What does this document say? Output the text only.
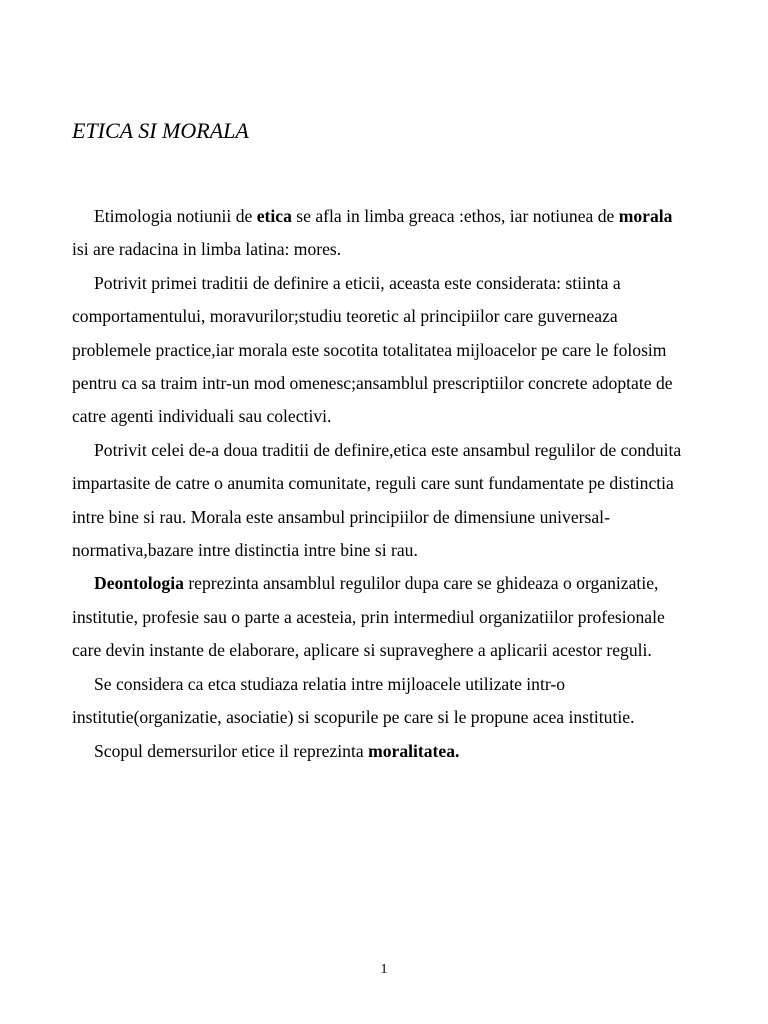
ETICA SI MORALA

Etimologia notiunii de etica se afla in limba greaca :ethos, iar notiunea de morala isi are radacina in limba latina: mores.

Potrivit primei traditii de definire a eticii, aceasta este considerata: stiinta a comportamentului, moravurilor;studiu teoretic al principiilor care guverneaza problemele practice,iar morala este socotita totalitatea mijloacelor pe care le folosim pentru ca sa traim intr-un mod omenesc;ansamblul prescriptiilor concrete adoptate de catre agenti individuali sau colectivi.

Potrivit celei de-a doua traditii de definire,etica este ansambul regulilor de conduita impartasite de catre o anumita comunitate, reguli care sunt fundamentate pe distinctia intre bine si rau. Morala este ansambul principiilor de dimensiune universal-normativa,bazare intre distinctia intre bine si rau.

Deontologia reprezinta ansamblul regulilor dupa care se ghideaza o organizatie, institutie, profesie sau o parte a acesteia, prin intermediul organizatiilor profesionale care devin instante de elaborare, aplicare si supraveghere a aplicarii acestor reguli.

Se considera ca etca studiaza relatia intre mijloacele utilizate intr-o institutie(organizatie, asociatie) si scopurile pe care si le propune acea institutie.

Scopul demersurilor etice il reprezinta moralitatea.

1
